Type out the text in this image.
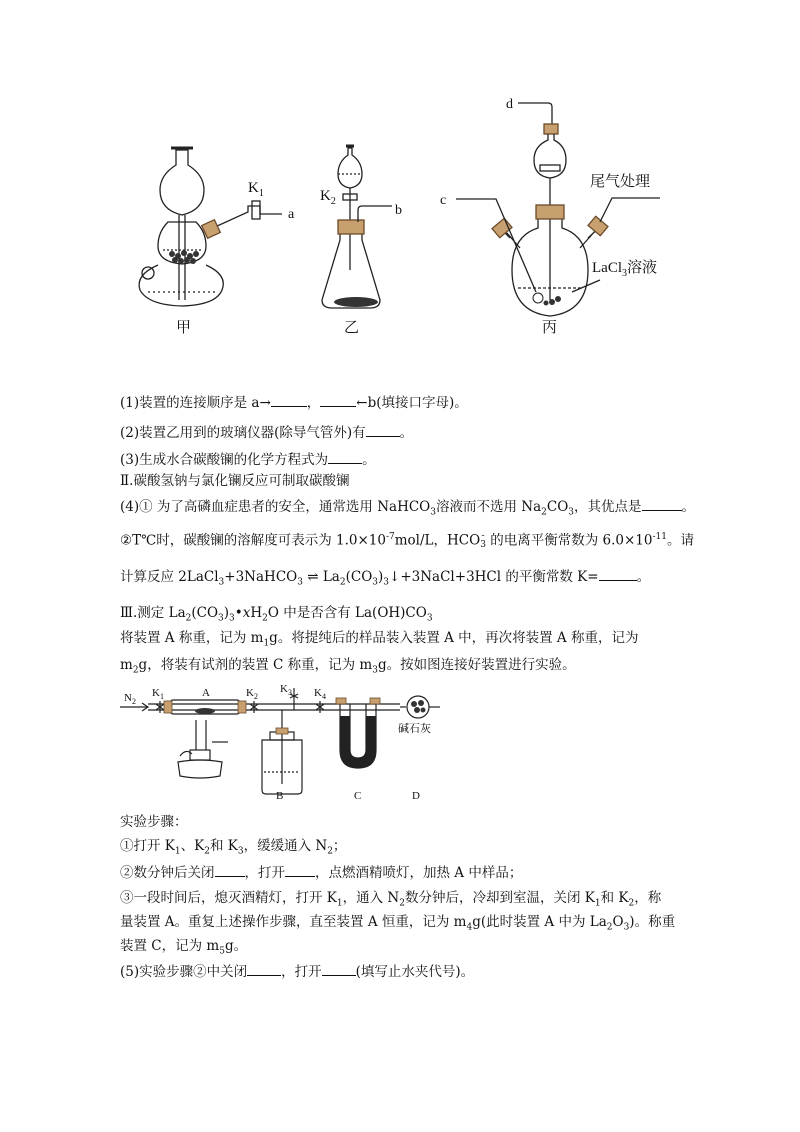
$K_1$
a
甲
$K_2$
b
乙
d
c
尾气处理
LaCl$_3$溶液
丙
(1)装置的连接顺序是 a→	，	←b(填接口字母)。
(2)装置乙用到的玻璃仪器(除导气管外)有	。
(3)生成水合碳酸镧的化学方程式为	。
Ⅱ.碳酸氢钠与氯化镧反应可制取碳酸镧
(4)① 为了高磷血症患者的安全，通常选用 NaHCO$_3$溶液而不选用 $Na_2CO_3$，其优点是	。
②T℃时，碳酸镧的溶解度可表示为 $1.0\times 10^{-7}mol/L$，HCO-
3 的电离平衡常数为 $6.0\times 10^{-11}$。请
计算反应 2LaCl$_3$+3NaHCO$_3$ ⇌ $La_2(CO_3)_3↓+3NaCl+3HCl$ 的平衡常数 K=	。
Ⅲ.测定 $La_2(CO_3)_3•xH_2O$ 中是否含有 $La(OH)CO_3$
将装置 A 称重，记为 $m_1g$。将提纯后的样品装入装置 A 中，再次将装置 A 称重，记为
$m_2g$，将装有试剂的装置 C 称重，记为 $m_3g$。按如图连接好装置进行实验。
$N_2$
$K_1$	A	$K_2$
$K_3$ $K_4$
碱石灰
B	C	D
实验步骤：
①打开 $K_1$、$K_2$和 $K_3$，缓缓通入 $N_2$；
②数分钟后关闭 ，打开 ，点燃酒精喷灯，加热 A 中样品；
③一段时间后，熄灭酒精灯，打开 $K_1$，通入 $N_2$数分钟后，冷却到室温，关闭 $K_1$和 $K_2$，称
量装置 A。重复上述操作步骤，直至装置 A 恒重，记为 $m_4g$(此时装置 A 中为 $La_2O_3$)。称重
装置 C，记为 $m_5g$。
(5)实验步骤②中关闭	，打开	(填写止水夹代号)。
